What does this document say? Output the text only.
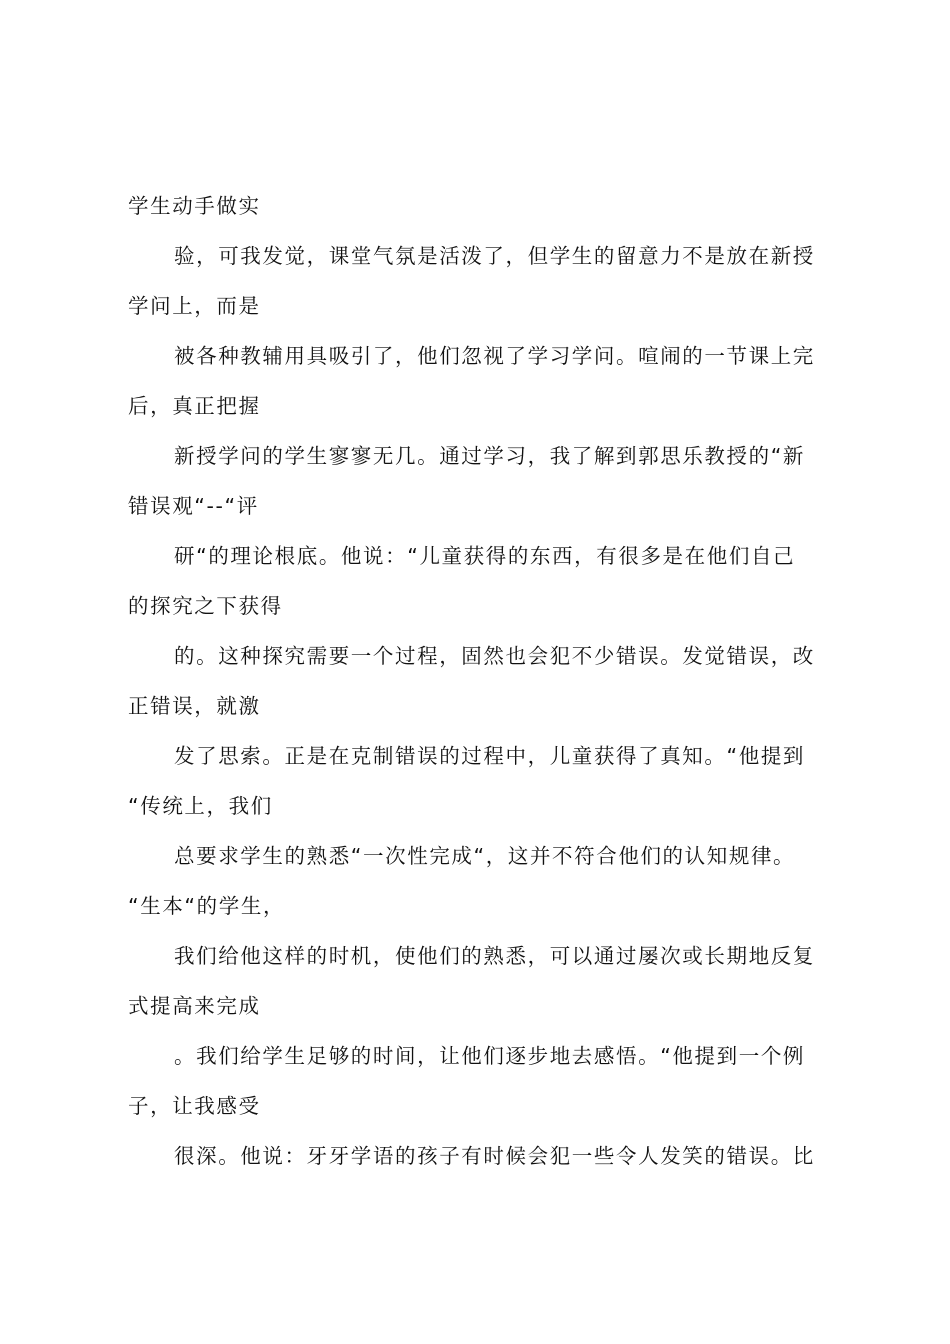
学生动手做实
验，可我发觉，课堂气氛是活泼了，但学生的留意力不是放在新授
学问上，而是
被各种教辅用具吸引了，他们忽视了学习学问。喧闹的一节课上完
后，真正把握
新授学问的学生寥寥无几。通过学习，我了解到郭思乐教授的“新
错误观“--“评
研“的理论根底。他说：“儿童获得的东西，有很多是在他们自己
的探究之下获得
的。这种探究需要一个过程，固然也会犯不少错误。发觉错误，改
正错误，就激
发了思索。正是在克制错误的过程中，儿童获得了真知。“他提到
“传统上，我们
总要求学生的熟悉“一次性完成“，这并不符合他们的认知规律。
“生本“的学生，
我们给他这样的时机，使他们的熟悉，可以通过屡次或长期地反复
式提高来完成
。我们给学生足够的时间，让他们逐步地去感悟。“他提到一个例
子，让我感受
很深。他说：牙牙学语的孩子有时候会犯一些令人发笑的错误。比
